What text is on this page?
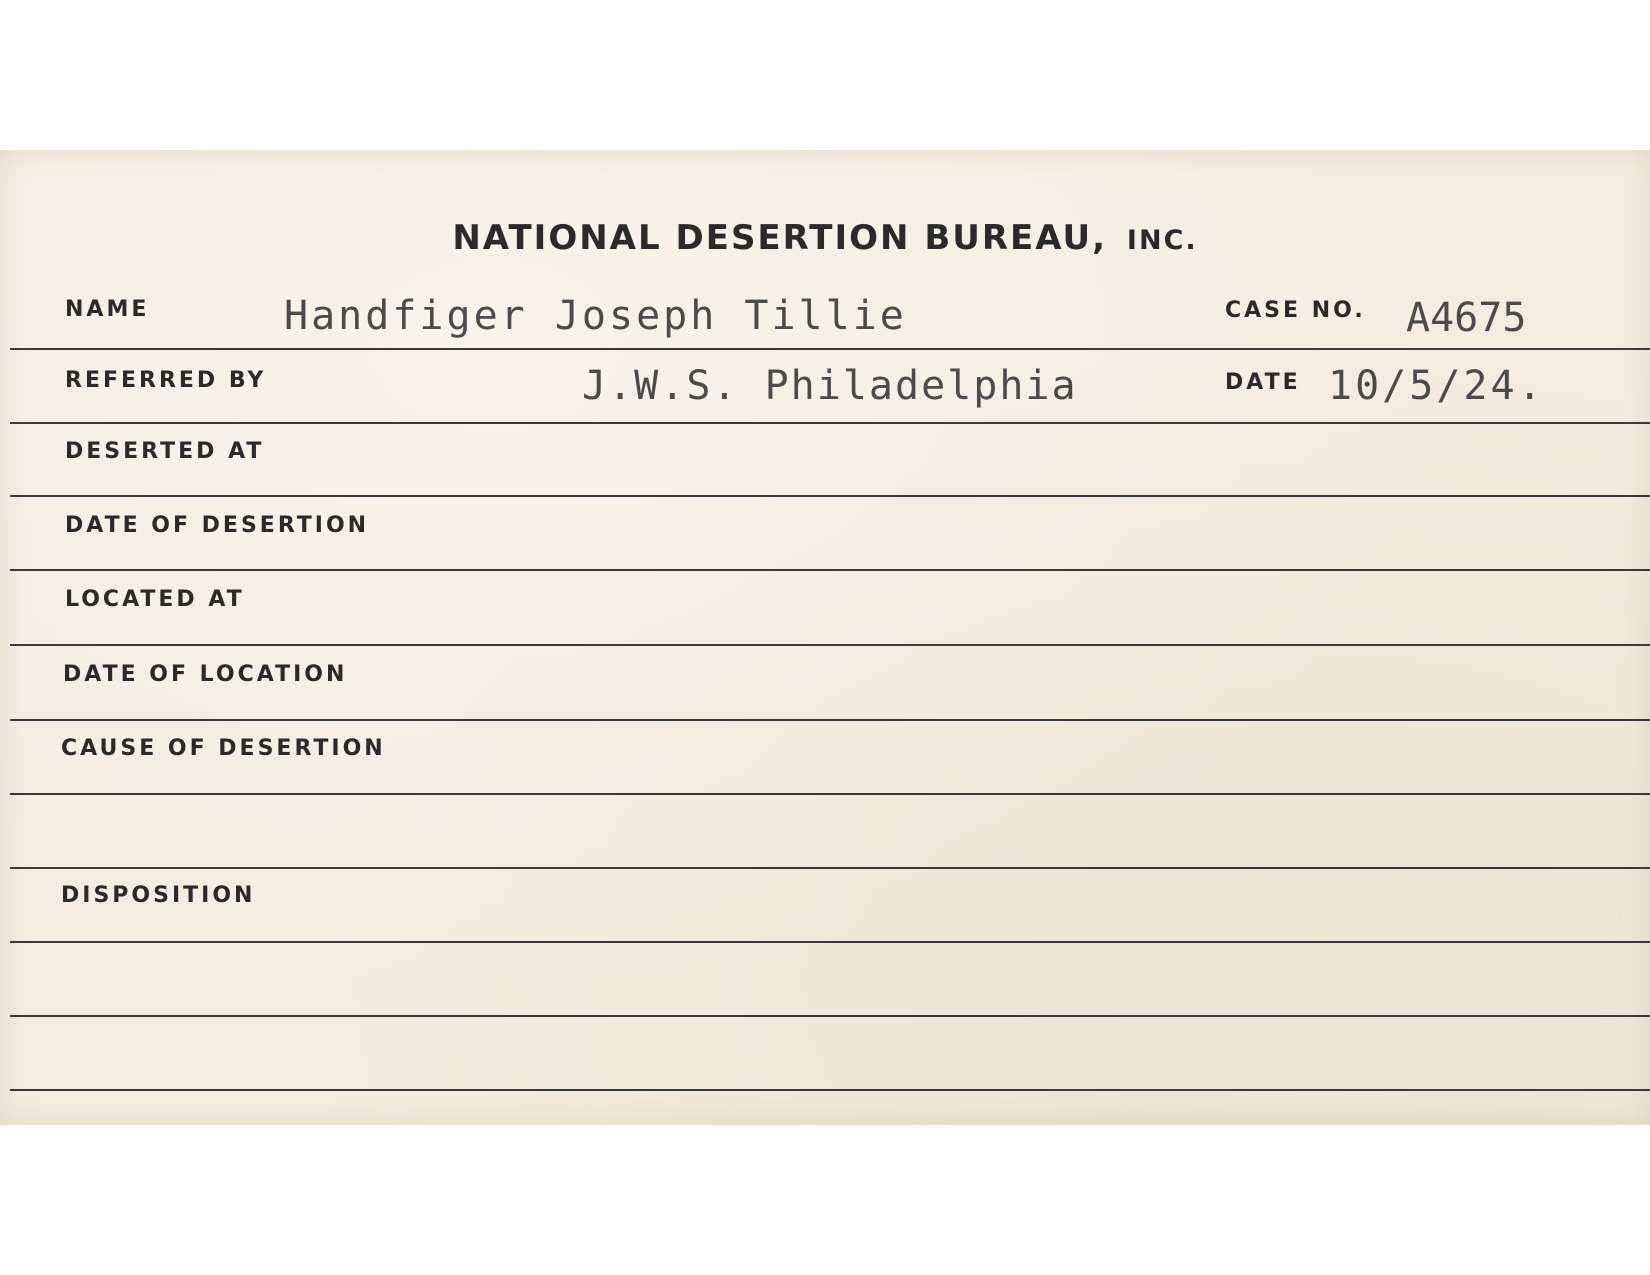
NATIONAL DESERTION BUREAU, INC.
NAME	Handfiger Joseph Tillie	CASE NO. A4675
REFERRED BY	J.W.S. Philadelphia	DATE 10/5/24.
DESERTED AT
DATE OF DESERTION
LOCATED AT
DATE OF LOCATION
CAUSE OF DESERTION
DISPOSITION
